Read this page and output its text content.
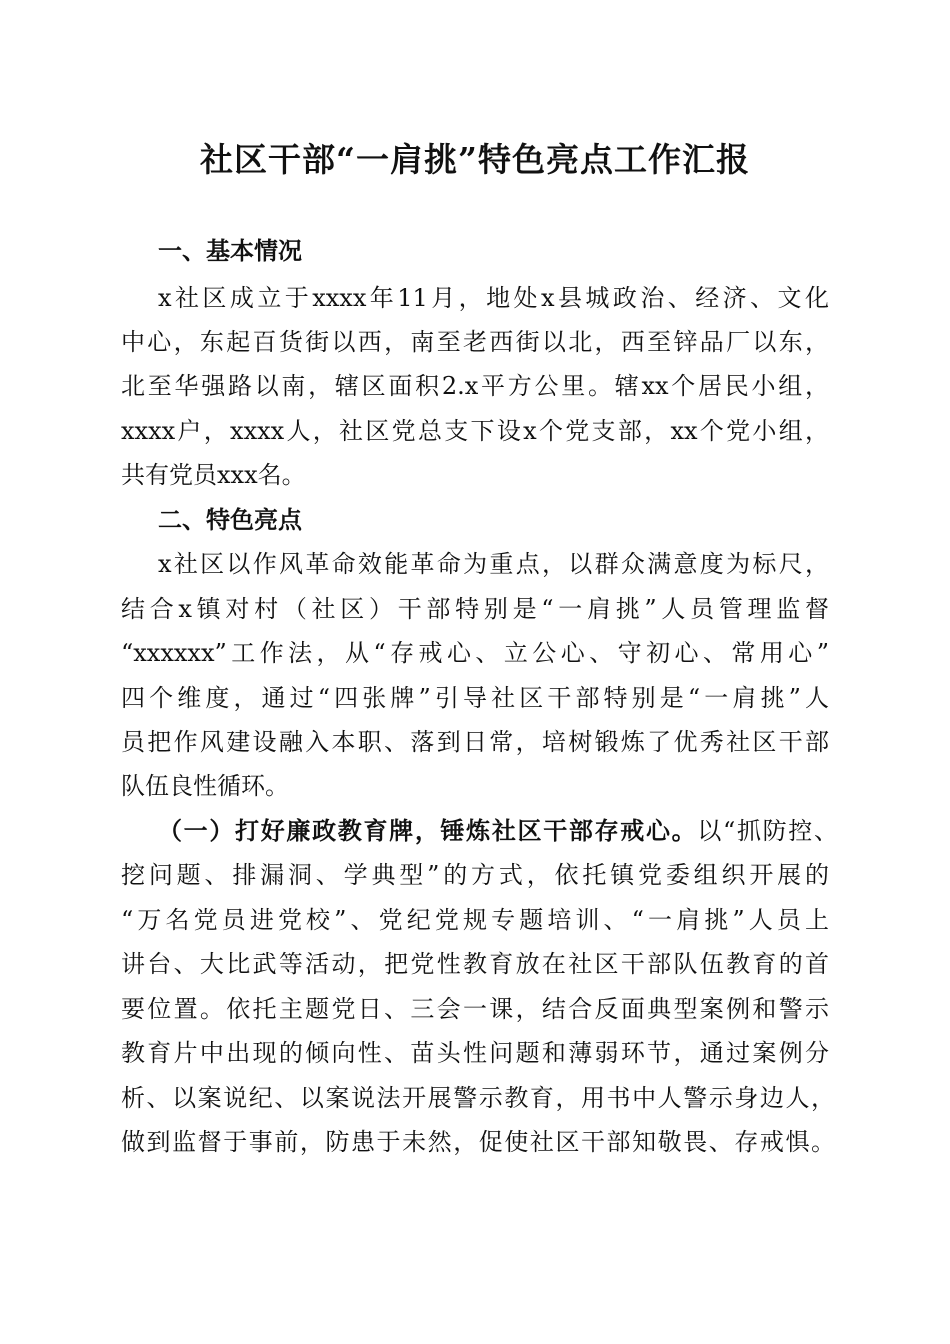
社区干部“一肩挑”特色亮点工作汇报
一、基本情况
x社区成立于xxxx年11月，地处x县城政治、经济、文化
中心，东起百货街以西，南至老西街以北，西至锌品厂以东，
北至华强路以南，辖区面积2.x平方公里。辖xx个居民小组，
xxxx户，xxxx人，社区党总支下设x个党支部，xx个党小组，
共有党员xxx名。
二、特色亮点
x社区以作风革命效能革命为重点，以群众满意度为标尺，
结合x镇对村（社区）干部特别是“一肩挑”人员管理监督
“xxxxxx”工作法，从“存戒心、立公心、守初心、常用心”
四个维度，通过“四张牌”引导社区干部特别是“一肩挑”人
员把作风建设融入本职、落到日常，培树锻炼了优秀社区干部
队伍良性循环。
（一）打好廉政教育牌，锤炼社区干部存戒心。以“抓防控、
挖问题、排漏洞、学典型”的方式，依托镇党委组织开展的
“万名党员进党校”、党纪党规专题培训、“一肩挑”人员上
讲台、大比武等活动，把党性教育放在社区干部队伍教育的首
要位置。依托主题党日、三会一课，结合反面典型案例和警示
教育片中出现的倾向性、苗头性问题和薄弱环节，通过案例分
析、以案说纪、以案说法开展警示教育，用书中人警示身边人，
做到监督于事前，防患于未然，促使社区干部知敬畏、存戒惧。
